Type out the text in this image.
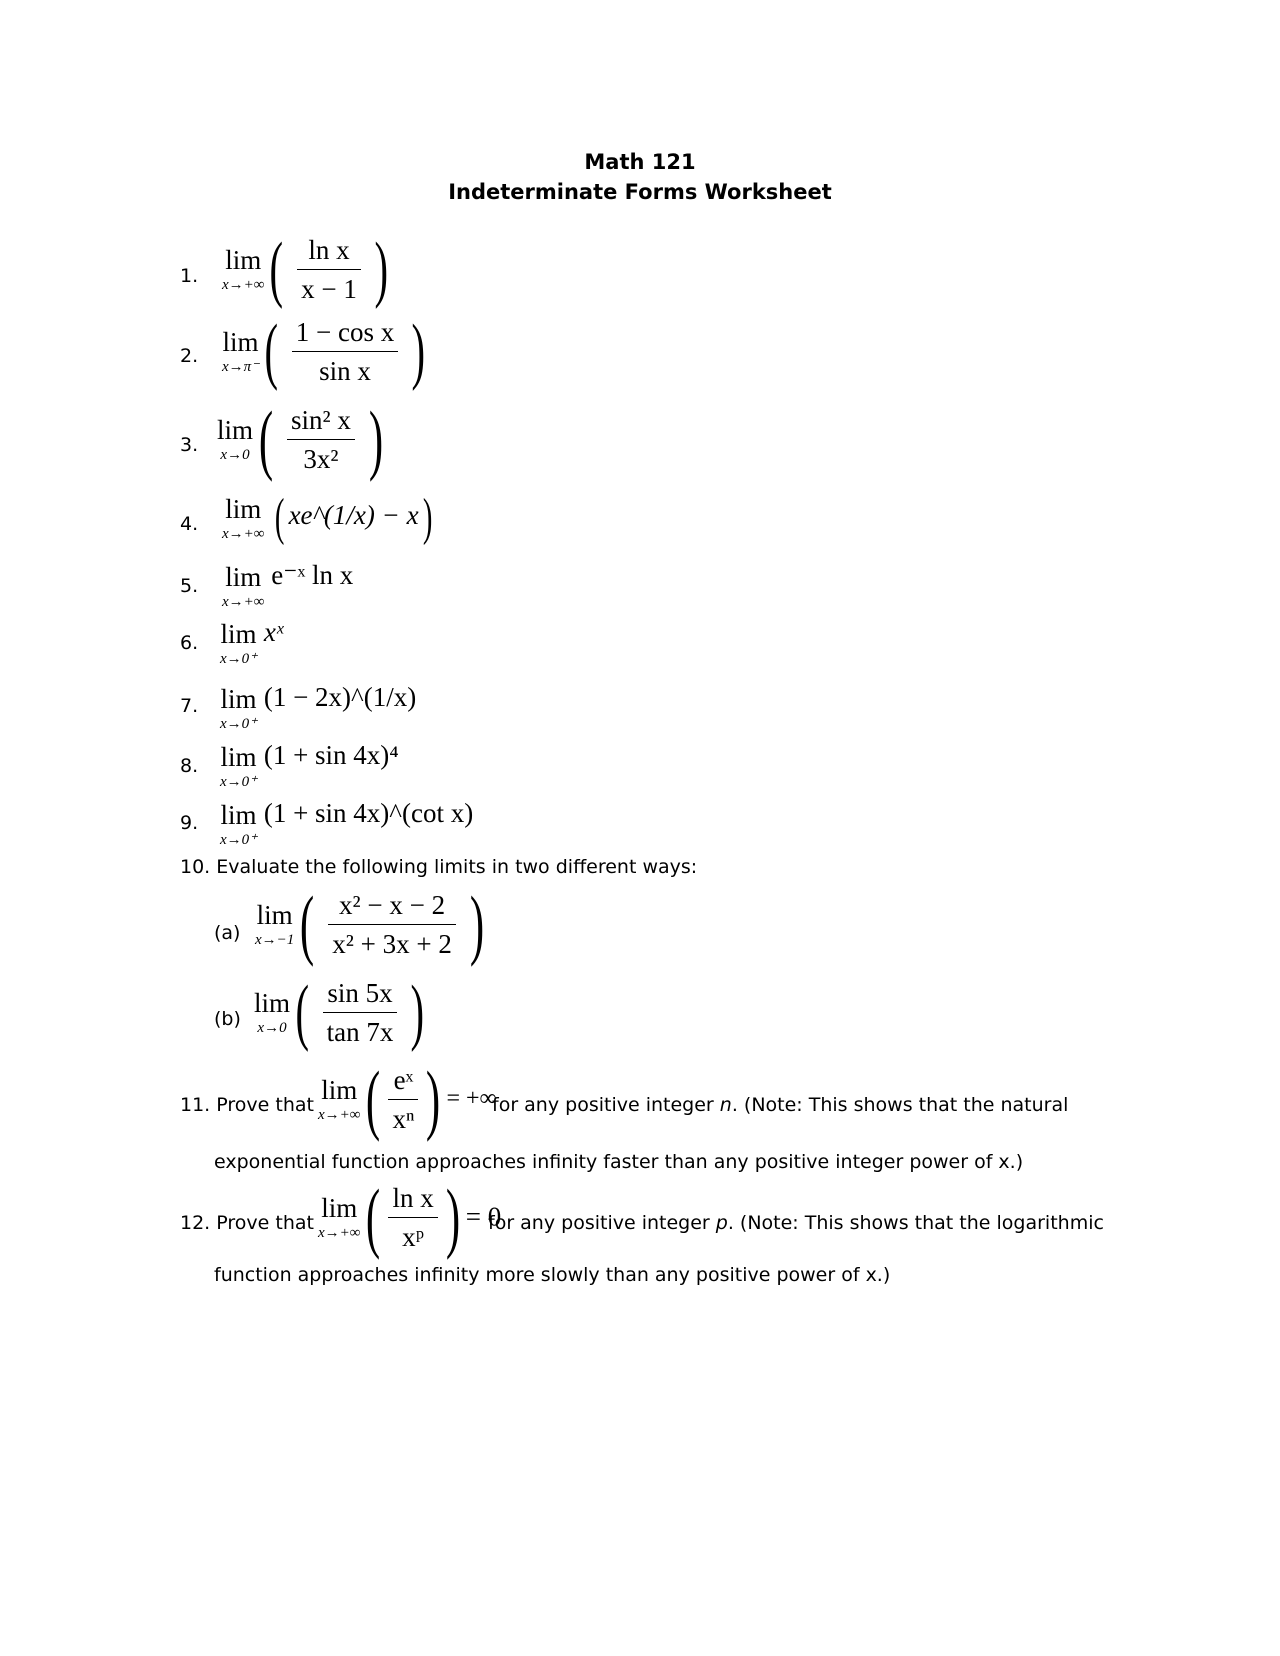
Math 121
Indeterminate Forms Worksheet
1.
lim
x→+∞ ( $\frac{\text{ln x}}{x - 1}$ )
2. lim
x→π⁻ ( $\frac{\text{1 − cos x}}{\text{sin x}}$ )
3. lim
x→0 ( $\frac{\text{sin² x}}{\text{3x²}}$ )
4. lim
x→+∞ ( xe^(1/x) − x)
5. lim
x→+∞
e⁻ˣ ln x
6. lim
x→0⁺
xˣ
7. lim
x→0⁺
(1 − 2x)^(1/x)
8. lim
x→0⁺
(1 + sin 4x)⁴
9. lim
x→0⁺
(1 + sin 4x)^(cot x)
10. Evaluate the following limits in two different ways:
(a)
lim
x→−1 ( $\frac{\text{x² − x − 2}}{\text{x² + 3x + 2}}$ )
(b)
lim
x→0 ( $\frac{\sin 5x}{\tan 7x}$ )
11. Prove that lim
x→+∞ ( $\frac{\text{eˣ}}{\text{xⁿ}}$ ) = +∞
for any positive integer n. (Note: This shows that the natural
exponential function approaches infinity faster than any positive integer power of x.)
12. Prove that lim
x→+∞ ( $\frac{\text{ln x}}{\text{xᵖ}}$ ) = 0
for any positive integer p. (Note: This shows that the logarithmic
function approaches infinity more slowly than any positive power of x.)
